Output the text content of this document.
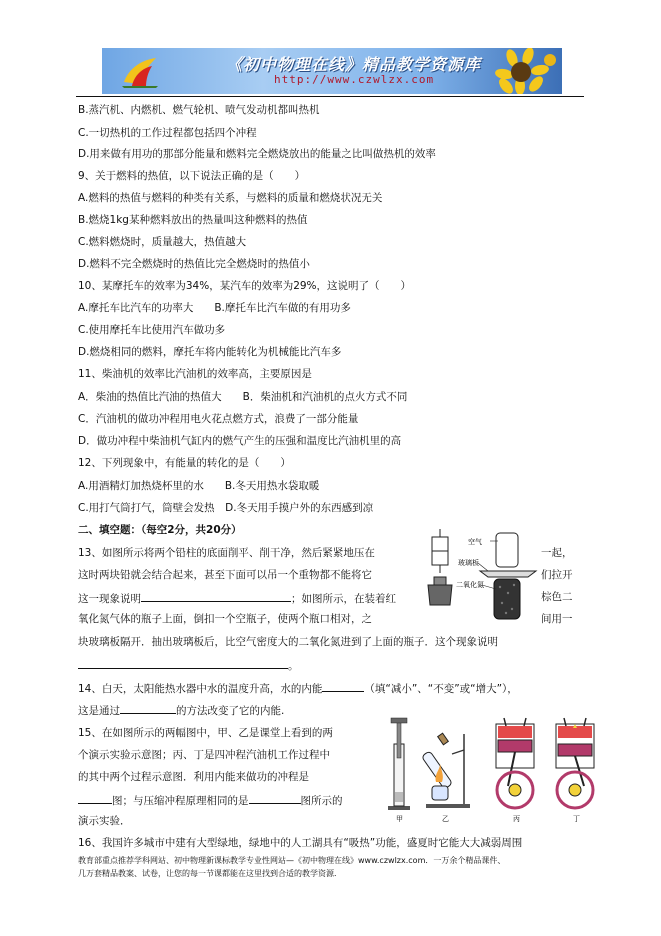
《初中物理在线》精品教学资源库
http://www.czwlzx.com
B.蒸汽机、内燃机、燃气轮机、喷气发动机都叫热机
C.一切热机的工作过程都包括四个冲程
D.用来做有用功的那部分能量和燃料完全燃烧放出的能量之比叫做热机的效率
9、关于燃料的热值，以下说法正确的是（　　）
A.燃料的热值与燃料的种类有关系，与燃料的质量和燃烧状况无关
B.燃烧1kg某种燃料放出的热量叫这种燃料的热值
C.燃料燃烧时，质量越大，热值越大
D.燃料不完全燃烧时的热值比完全燃烧时的热值小
10、某摩托车的效率为34%，某汽车的效率为29%，这说明了（　　）
A.摩托车比汽车的功率大　　B.摩托车比汽车做的有用功多
C.使用摩托车比使用汽车做功多
D.燃烧相同的燃料，摩托车将内能转化为机械能比汽车多
11、柴油机的效率比汽油机的效率高，主要原因是
A．柴油的热值比汽油的热值大　　B．柴油机和汽油机的点火方式不同
C．汽油机的做功冲程用电火花点燃方式，浪费了一部分能量
D．做功冲程中柴油机气缸内的燃气产生的压强和温度比汽油机里的高
12、下列现象中，有能量的转化的是（　　）
A.用酒精灯加热烧杯里的水　　B.冬天用热水袋取暖
C.用打气筒打气，筒壁会发热　D.冬天用手摸户外的东西感到凉
二、填空题：（每空2分，共20分）
13、如图所示将两个铅柱的底面削平、削干净，然后紧紧地压在	一起，
这时两块铅就会结合起来，甚至下面可以吊一个重物都不能将它	们拉开
这一现象说明	；如图所示，在装着红	棕色二
氧化氮气体的瓶子上面，倒扣一个空瓶子，使两个瓶口相对，之	间用一
块玻璃板隔开．抽出玻璃板后，比空气密度大的二氧化氮进到了上面的瓶子．这个现象说明
。
空气
玻璃板
二氧化氮
14、白天，太阳能热水器中水的温度升高，水的内能	（填“减小”、“不变”或“增大”），
这是通过	的方法改变了它的内能.
15、在如图所示的两幅图中，甲、乙是课堂上看到的两
个演示实验示意图；丙、丁是四冲程汽油机工作过程中
的其中两个过程示意图．利用内能来做功的冲程是
图；与压缩冲程原理相同的是	图所示的
演示实验．	甲	乙	丙	丁
16、我国许多城市中建有大型绿地，绿地中的人工湖具有“吸热”功能，盛夏时它能大大减弱周围
教育部重点推荐学科网站、初中物理新课标教学专业性网站—《初中物理在线》www.czwlzx.com．一万余个精品课件、
几万套精品教案、试卷，让您的每一节课都能在这里找到合适的教学资源．
